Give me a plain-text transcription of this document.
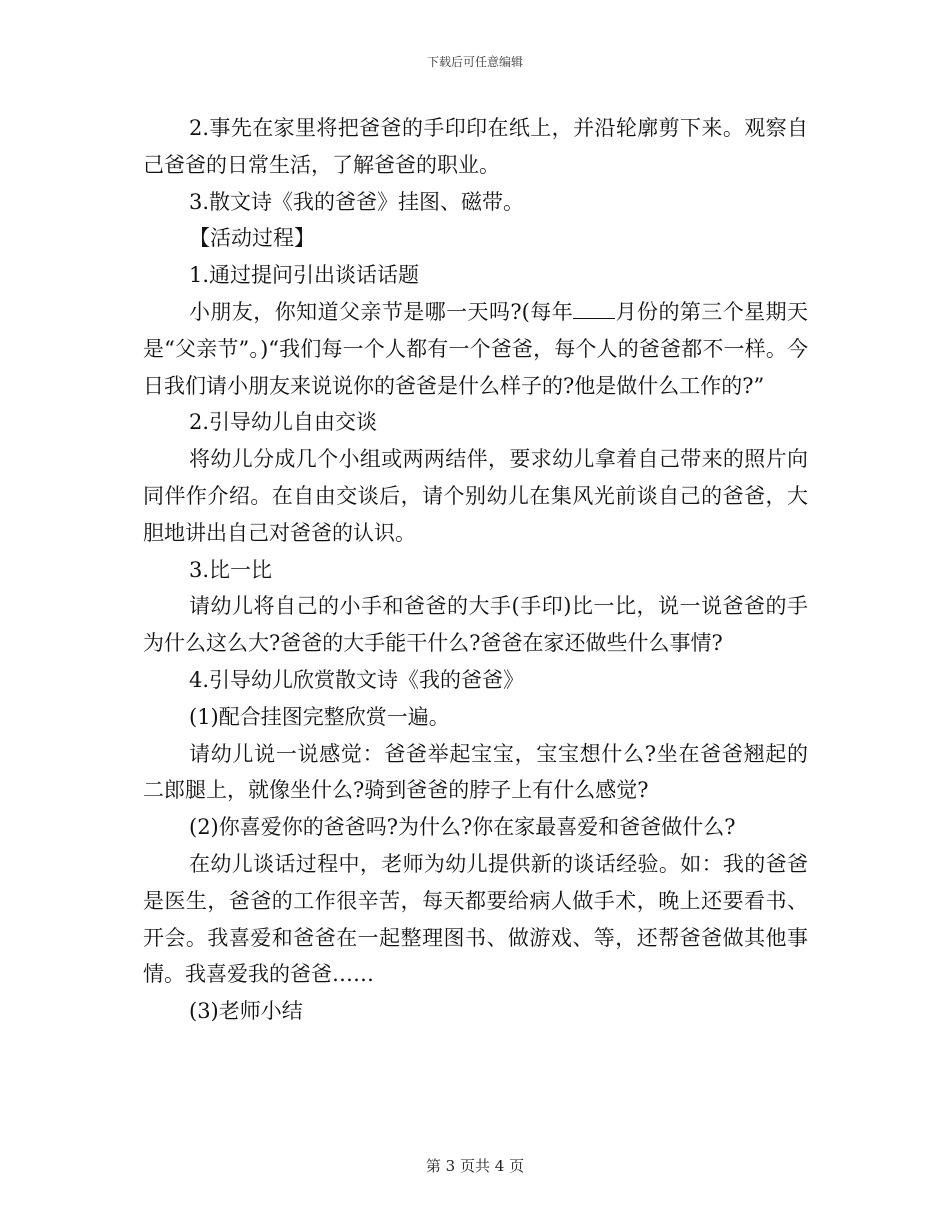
下载后可任意编辑

2.事先在家里将把爸爸的手印印在纸上，并沿轮廓剪下来。观察自己爸爸的日常生活，了解爸爸的职业。

3.散文诗《我的爸爸》挂图、磁带。

【活动过程】

1.通过提问引出谈话话题

小朋友，你知道父亲节是哪一天吗?(每年 月份的第三个星期天是“父亲节”。)“我们每一个人都有一个爸爸，每个人的爸爸都不一样。今日我们请小朋友来说说你的爸爸是什么样子的?他是做什么工作的?”

2.引导幼儿自由交谈

将幼儿分成几个小组或两两结伴，要求幼儿拿着自己带来的照片向同伴作介绍。在自由交谈后，请个别幼儿在集风光前谈自己的爸爸，大胆地讲出自己对爸爸的认识。

3.比一比

请幼儿将自己的小手和爸爸的大手(手印)比一比，说一说爸爸的手为什么这么大?爸爸的大手能干什么?爸爸在家还做些什么事情?

4.引导幼儿欣赏散文诗《我的爸爸》

(1)配合挂图完整欣赏一遍。

请幼儿说一说感觉：爸爸举起宝宝，宝宝想什么?坐在爸爸翘起的二郎腿上，就像坐什么?骑到爸爸的脖子上有什么感觉?

(2)你喜爱你的爸爸吗?为什么?你在家最喜爱和爸爸做什么?

在幼儿谈话过程中，老师为幼儿提供新的谈话经验。如：我的爸爸是医生，爸爸的工作很辛苦，每天都要给病人做手术，晚上还要看书、开会。我喜爱和爸爸在一起整理图书、做游戏、等，还帮爸爸做其他事情。我喜爱我的爸爸……

(3)老师小结

第 3 页共 4 页
